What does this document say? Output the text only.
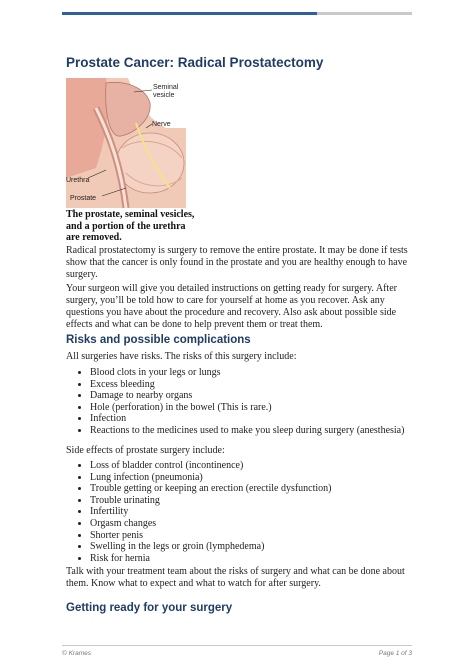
Prostate Cancer: Radical Prostatectomy
Seminal
vesicle
Nerve
Urethra
Prostate
The prostate, seminal vesicles, and a portion of the urethra are removed.
Radical prostatectomy is surgery to remove the entire prostate. It may be done if tests show that the cancer is only found in the prostate and you are healthy enough to have surgery.
Your surgeon will give you detailed instructions on getting ready for surgery. After surgery, you’ll be told how to care for yourself at home as you recover. Ask any questions you have about the procedure and recovery. Also ask about possible side effects and what can be done to help prevent them or treat them.
Risks and possible complications
All surgeries have risks. The risks of this surgery include:
• Blood clots in your legs or lungs
• Excess bleeding
• Damage to nearby organs
• Hole (perforation) in the bowel (This is rare.)
• Infection
• Reactions to the medicines used to make you sleep during surgery (anesthesia)
Side effects of prostate surgery include:
• Loss of bladder control (incontinence)
• Lung infection (pneumonia)
• Trouble getting or keeping an erection (erectile dysfunction)
• Trouble urinating
• Infertility
• Orgasm changes
• Shorter penis
• Swelling in the legs or groin (lymphedema)
• Risk for hernia
Talk with your treatment team about the risks of surgery and what can be done about them. Know what to expect and what to watch for after surgery.
Getting ready for your surgery
© Krames	Page 1 of 3
